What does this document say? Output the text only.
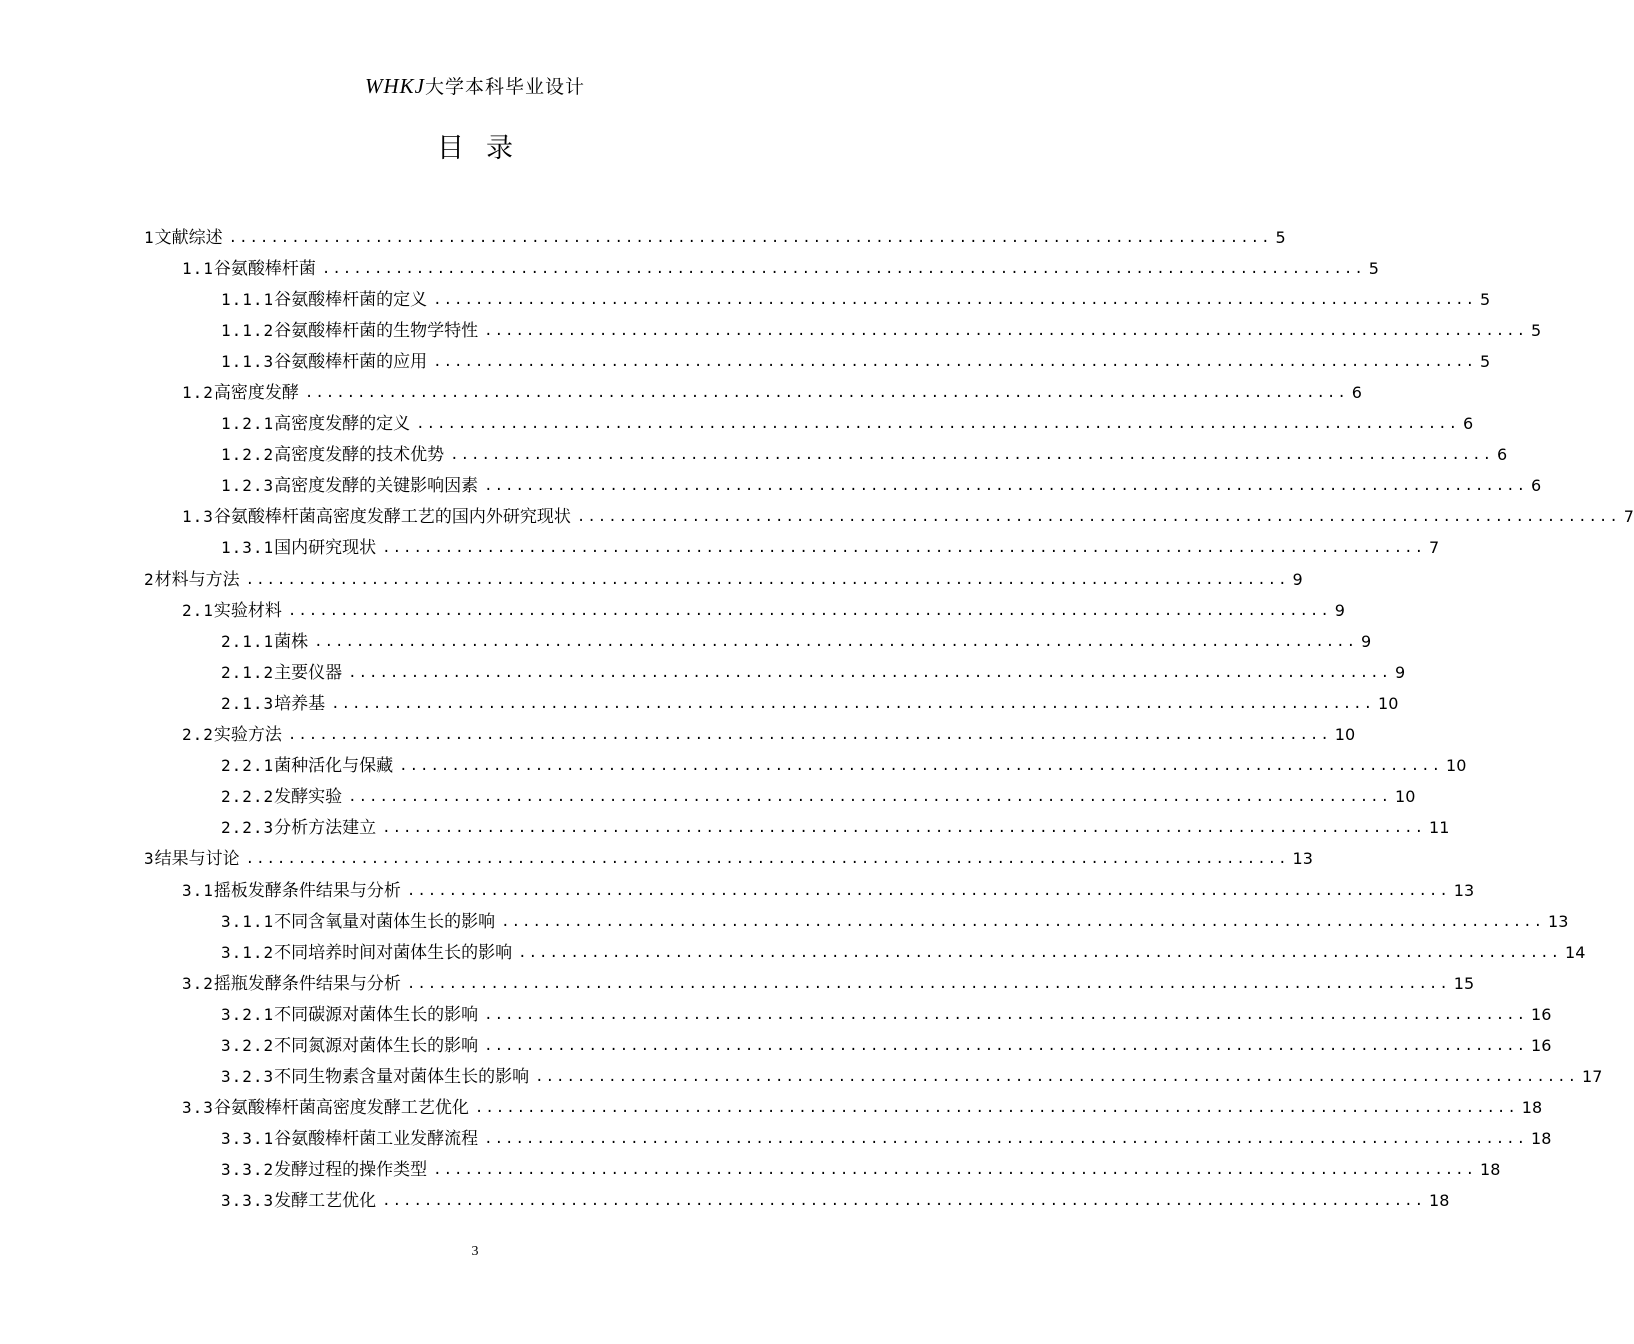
WHKJ大学本科毕业设计
目录
1 文献综述 .................................................................................................... 5
1.1 谷氨酸棒杆菌 .................................................................................................... 5
1.1.1 谷氨酸棒杆菌的定义 .................................................................................................... 5
1.1.2 谷氨酸棒杆菌的生物学特性 .................................................................................................... 5
1.1.3 谷氨酸棒杆菌的应用 .................................................................................................... 5
1.2 高密度发酵 .................................................................................................... 6
1.2.1 高密度发酵的定义 .................................................................................................... 6
1.2.2 高密度发酵的技术优势 .................................................................................................... 6
1.2.3 高密度发酵的关键影响因素 .................................................................................................... 6
1.3 谷氨酸棒杆菌高密度发酵工艺的国内外研究现状 .................................................................................................... 7
1.3.1 国内研究现状 .................................................................................................... 7
2 材料与方法 .................................................................................................... 9
2.1 实验材料 .................................................................................................... 9
2.1.1 菌株 .................................................................................................... 9
2.1.2 主要仪器 .................................................................................................... 9
2.1.3 培养基 .................................................................................................... 10
2.2 实验方法 .................................................................................................... 10
2.2.1 菌种活化与保藏 .................................................................................................... 10
2.2.2 发酵实验 .................................................................................................... 10
2.2.3 分析方法建立 .................................................................................................... 11
3 结果与讨论 .................................................................................................... 13
3.1 摇板发酵条件结果与分析 .................................................................................................... 13
3.1.1 不同含氧量对菌体生长的影响 .................................................................................................... 13
3.1.2 不同培养时间对菌体生长的影响 .................................................................................................... 14
3.2 摇瓶发酵条件结果与分析 .................................................................................................... 15
3.2.1 不同碳源对菌体生长的影响 .................................................................................................... 16
3.2.2 不同氮源对菌体生长的影响 .................................................................................................... 16
3.2.3 不同生物素含量对菌体生长的影响 .................................................................................................... 17
3.3 谷氨酸棒杆菌高密度发酵工艺优化 .................................................................................................... 18
3.3.1 谷氨酸棒杆菌工业发酵流程 .................................................................................................... 18
3.3.2 发酵过程的操作类型 .................................................................................................... 18
3.3.3 发酵工艺优化 .................................................................................................... 18
3
